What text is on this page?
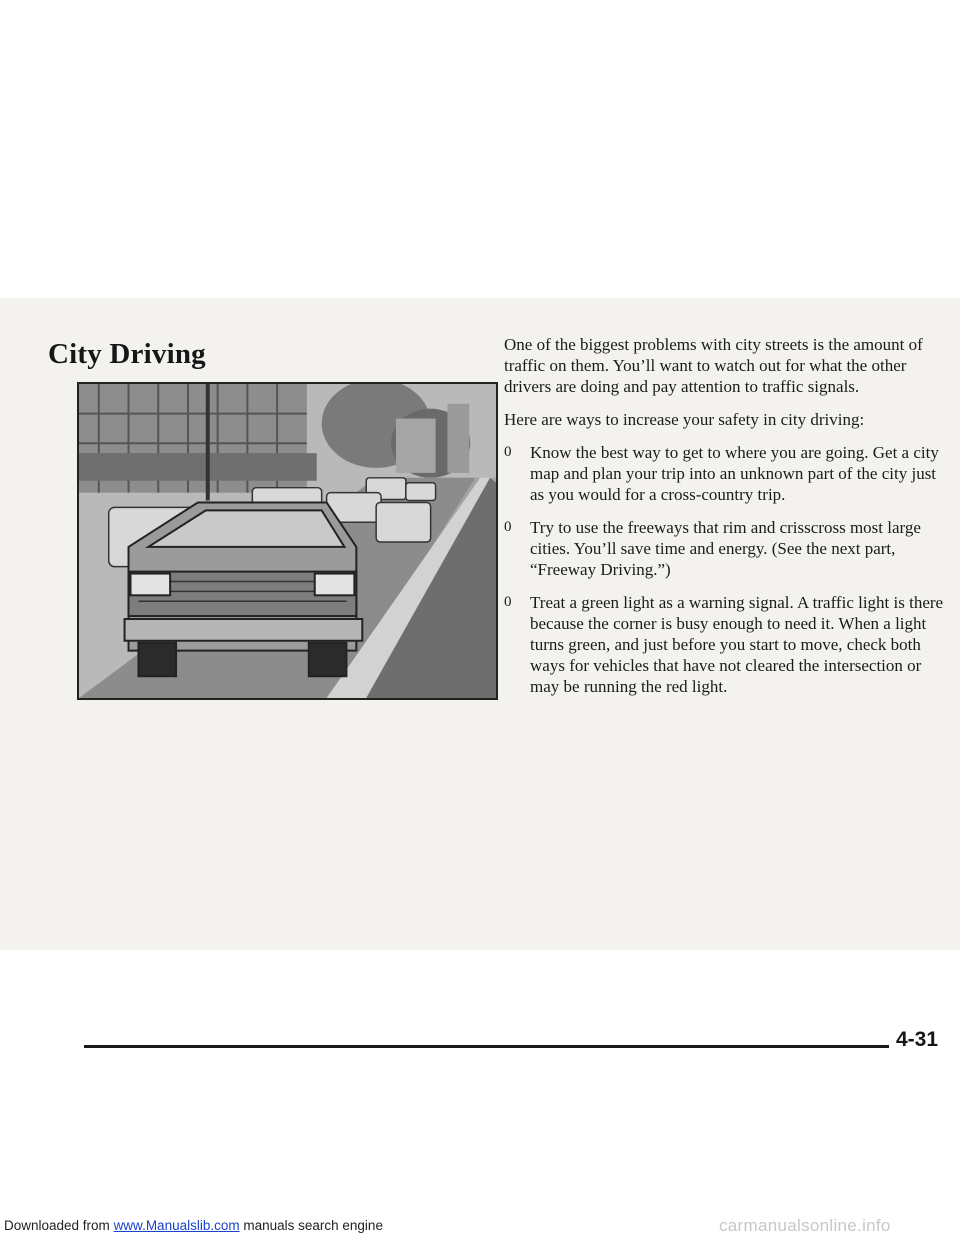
City Driving	One of the biggest problems with city streets is the amount of traffic on them. You’ll want to watch out for what the other drivers are doing and pay attention to traffic signals.

Here are ways to increase your safety in city driving:

0	Know the best way to get to where you are going. Get a city map and plan your trip into an unknown part of the city just as you would for a cross-country trip.
0	Try to use the freeways that rim and crisscross most large cities. You’ll save time and energy. (See the next part, “Freeway Driving.”)
0	Treat a green light as a warning signal. A traffic light is there because the corner is busy enough to need it. When a light turns green, and just before you start to move, check both ways for vehicles that have not cleared the intersection or may be running the red light.
4-31
Downloaded from www.Manualslib.com manuals search engine	carmanualsonline.info
